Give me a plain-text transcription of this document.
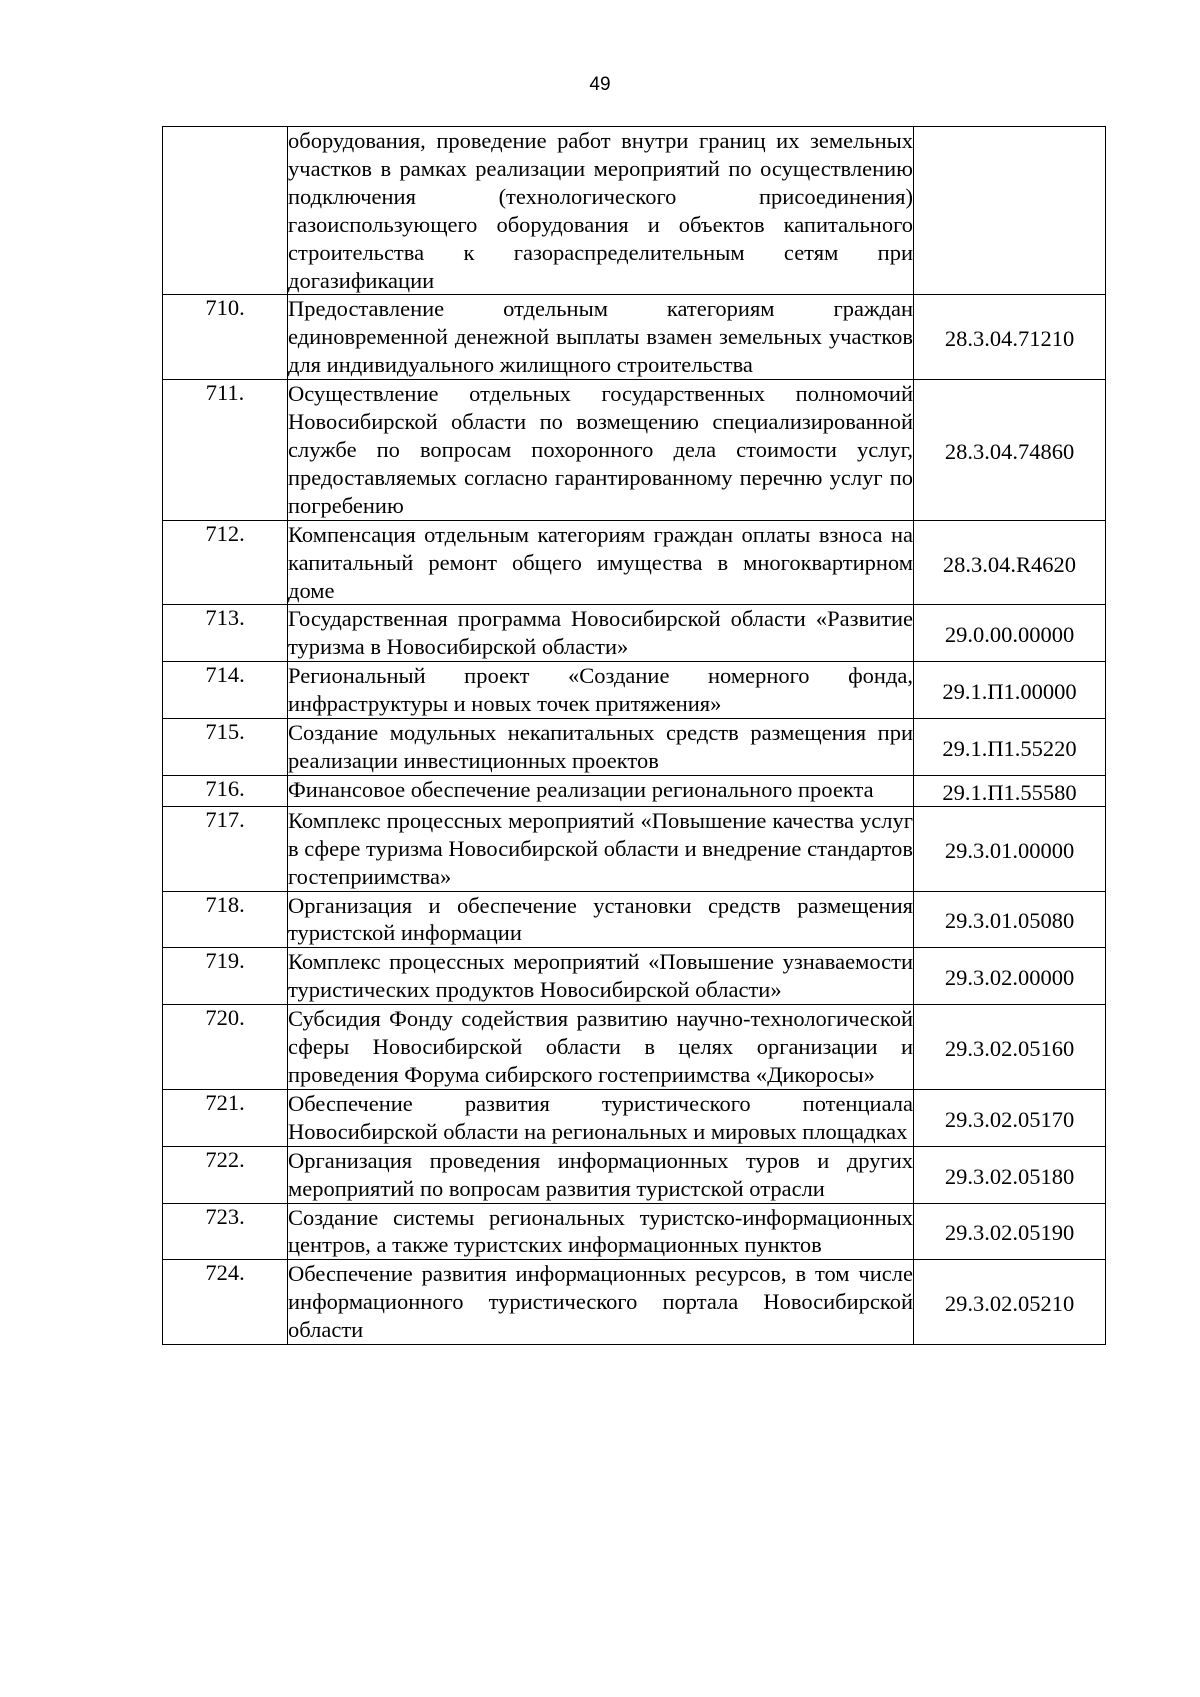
49

	оборудования, проведение работ внутри границ их земельных участков в рамках реализации мероприятий по осуществлению подключения (технологического присоединения) газоиспользующего оборудования и объектов капитального строительства к газораспределительным сетям при догазификации	

710.	Предоставление отдельным категориям граждан единовременной денежной выплаты взамен земельных участков для индивидуального жилищного строительства	28.3.04.71210
711.	Осуществление отдельных государственных полномочий Новосибирской области по возмещению специализированной службе по вопросам похоронного дела стоимости услуг, предоставляемых согласно гарантированному перечню услуг по погребению	28.3.04.74860
712.	Компенсация отдельным категориям граждан оплаты взноса на капитальный ремонт общего имущества в многоквартирном доме	28.3.04.R4620
713.	Государственная программа Новосибирской области «Развитие туризма в Новосибирской области»	29.0.00.00000
714.	Региональный проект «Создание номерного фонда, инфраструктуры и новых точек притяжения»	29.1.П1.00000
715.	Создание модульных некапитальных средств размещения при реализации инвестиционных проектов	29.1.П1.55220
716.	Финансовое обеспечение реализации регионального проекта	29.1.П1.55580
717.	Комплекс процессных мероприятий «Повышение качества услуг в сфере туризма Новосибирской области и внедрение стандартов гостеприимства»	29.3.01.00000
718.	Организация и обеспечение установки средств размещения туристской информации	29.3.01.05080
719.	Комплекс процессных мероприятий «Повышение узнаваемости туристических продуктов Новосибирской области»	29.3.02.00000
720.	Субсидия Фонду содействия развитию научно-технологической сферы Новосибирской области в целях организации и проведения Форума сибирского гостеприимства «Дикоросы»	29.3.02.05160
721.	Обеспечение развития туристического потенциала Новосибирской области на региональных и мировых площадках	29.3.02.05170
722.	Организация проведения информационных туров и других мероприятий по вопросам развития туристской отрасли	29.3.02.05180
723.	Создание системы региональных туристско-информационных центров, а также туристских информационных пунктов	29.3.02.05190
724.	Обеспечение развития информационных ресурсов, в том числе информационного туристического портала Новосибирской области	29.3.02.05210
